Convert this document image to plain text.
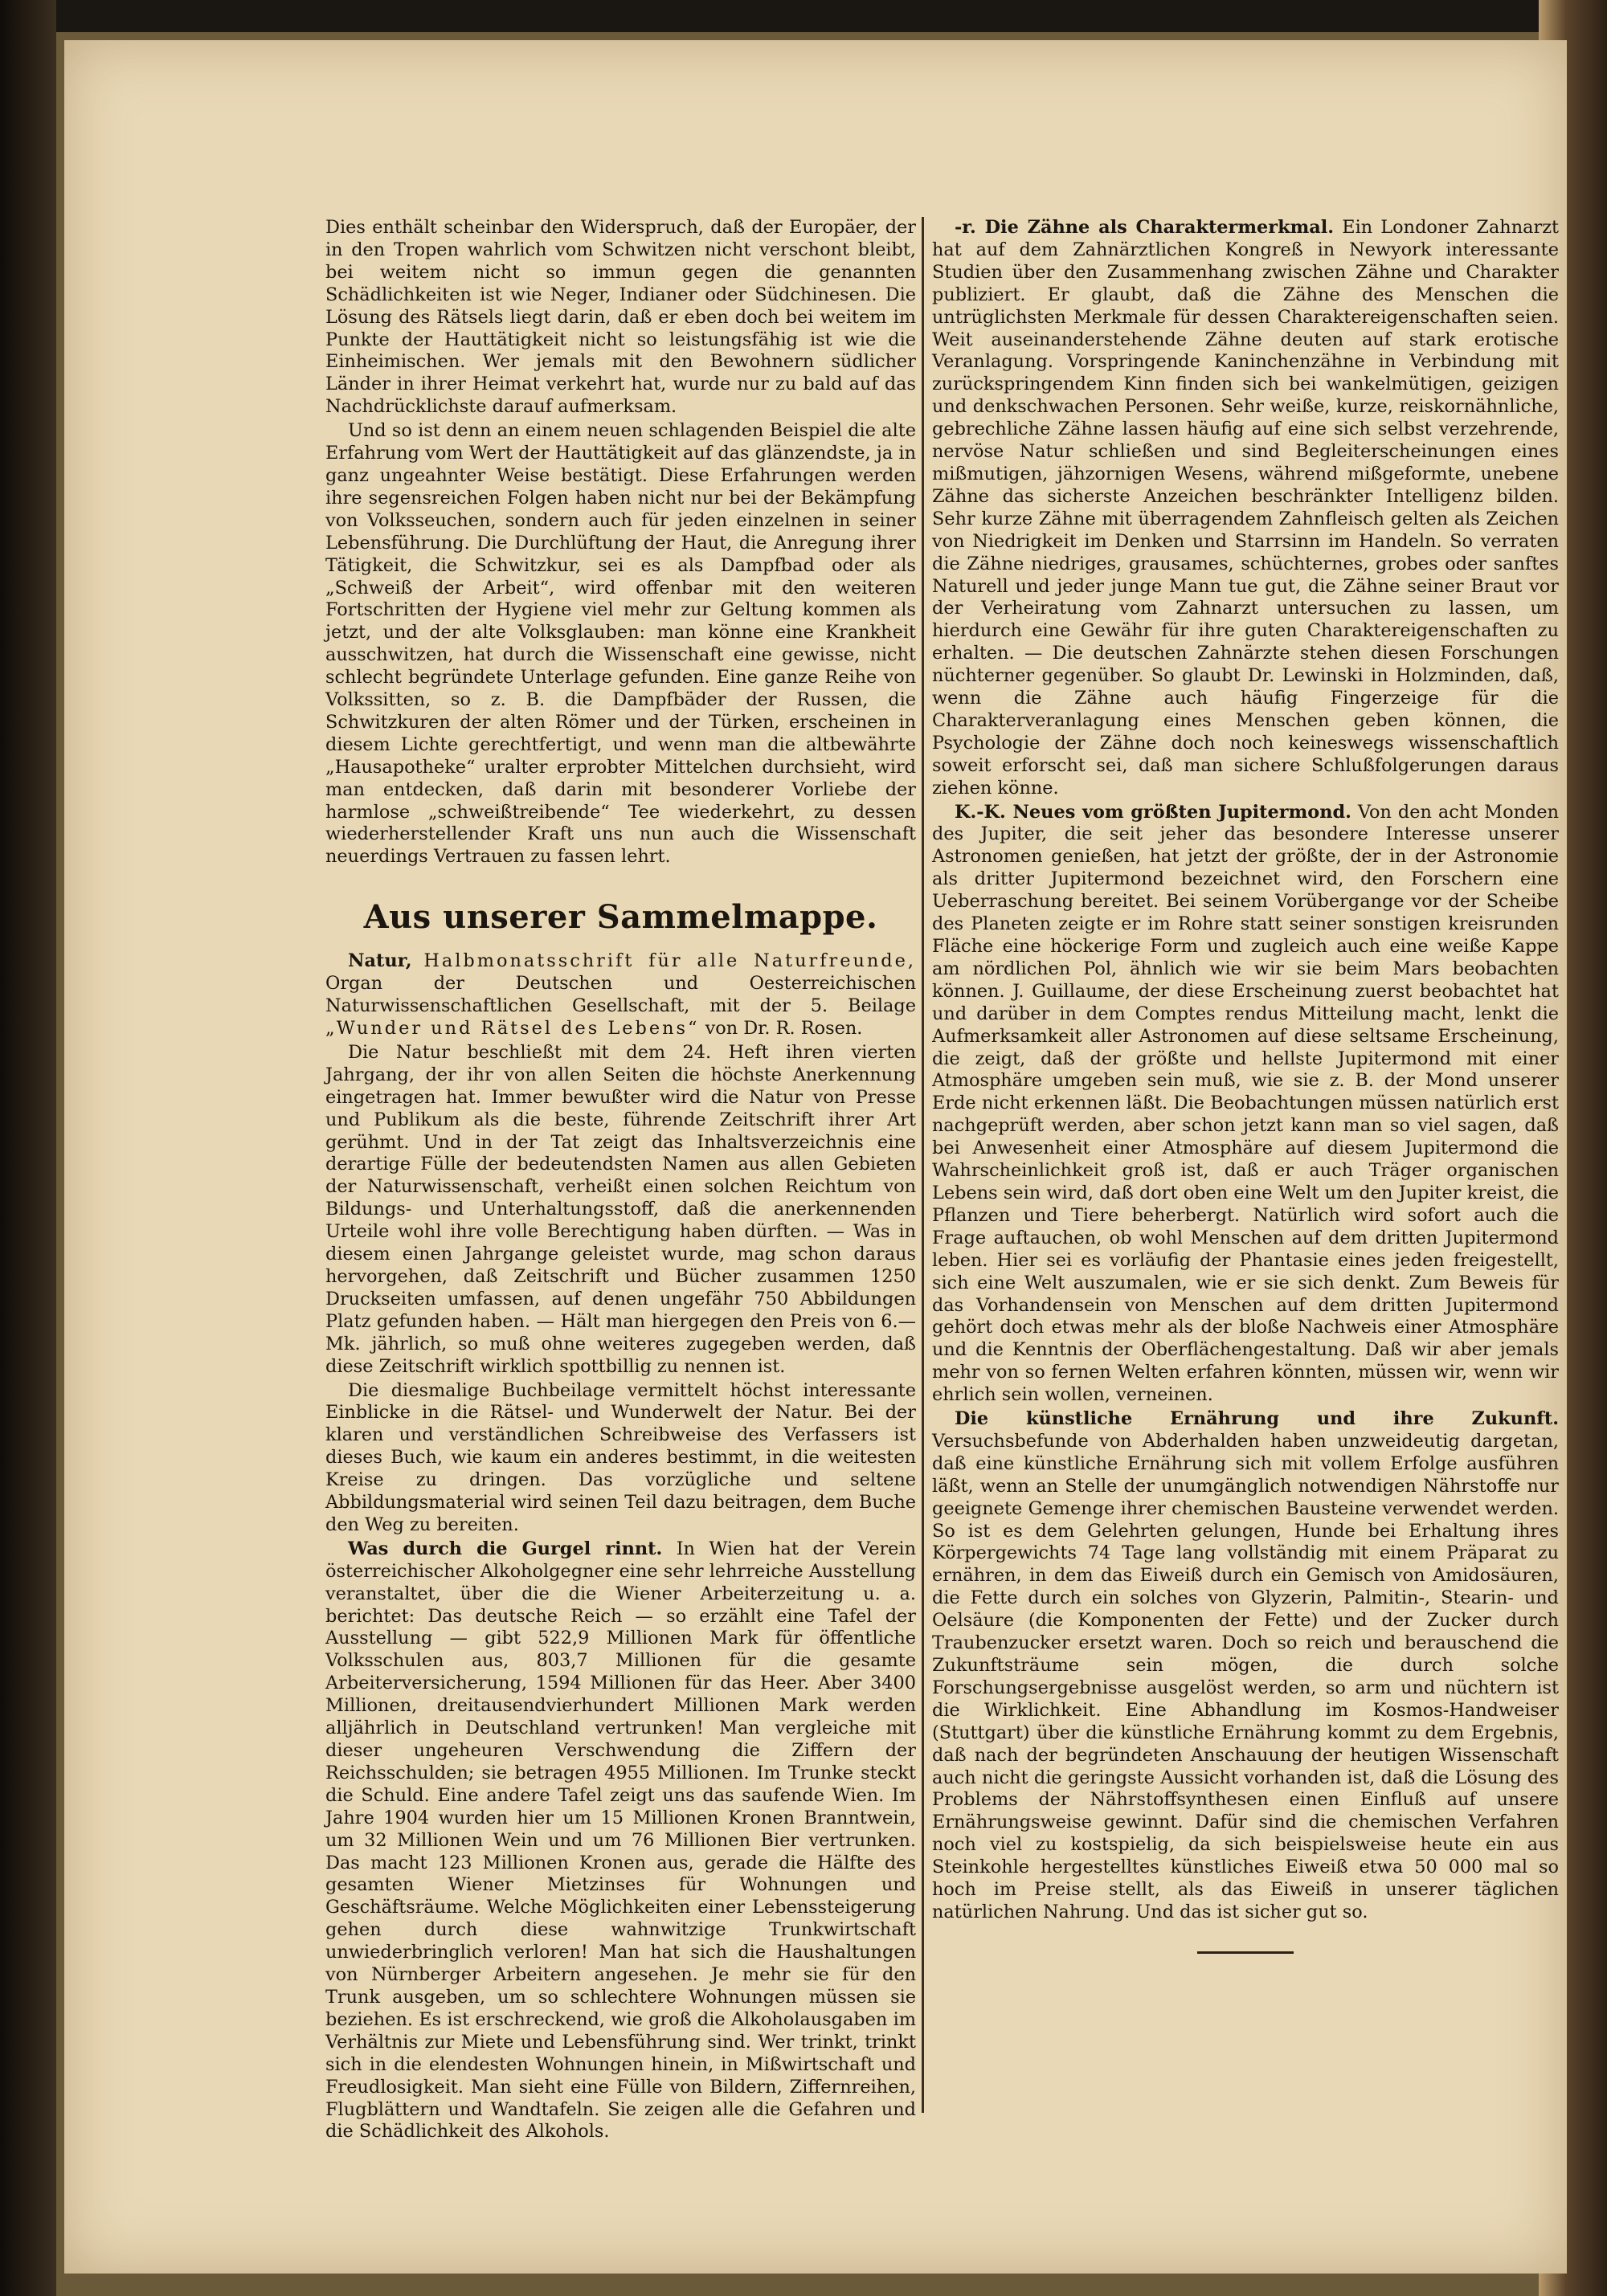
Dies enthält scheinbar den Widerspruch, daß der Europäer, der in den Tropen wahrlich vom Schwitzen nicht verschont bleibt, bei weitem nicht so immun gegen die genannten Schädlichkeiten ist wie Neger, Indianer oder Südchinesen. Die Lösung des Rätsels liegt darin, daß er eben doch bei weitem im Punkte der Hauttätigkeit nicht so leistungsfähig ist wie die Einheimischen. Wer jemals mit den Bewohnern südlicher Länder in ihrer Heimat verkehrt hat, wurde nur zu bald auf das Nachdrücklichste darauf aufmerksam.

Und so ist denn an einem neuen schlagenden Beispiel die alte Erfahrung vom Wert der Hauttätigkeit auf das glänzendste, ja in ganz ungeahnter Weise bestätigt. Diese Erfahrungen werden ihre segensreichen Folgen haben nicht nur bei der Bekämpfung von Volksseuchen, sondern auch für jeden einzelnen in seiner Lebensführung. Die Durchlüftung der Haut, die Anregung ihrer Tätigkeit, die Schwitzkur, sei es als Dampfbad oder als „Schweiß der Arbeit“, wird offenbar mit den weiteren Fortschritten der Hygiene viel mehr zur Geltung kommen als jetzt, und der alte Volksglauben: man könne eine Krankheit ausschwitzen, hat durch die Wissenschaft eine gewisse, nicht schlecht begründete Unterlage gefunden. Eine ganze Reihe von Volkssitten, so z. B. die Dampfbäder der Russen, die Schwitzkuren der alten Römer und der Türken, erscheinen in diesem Lichte gerechtfertigt, und wenn man die altbewährte „Hausapotheke“ uralter erprobter Mittelchen durchsieht, wird man entdecken, daß darin mit besonderer Vorliebe der harmlose „schweißtreibende“ Tee wiederkehrt, zu dessen wiederherstellender Kraft uns nun auch die Wissenschaft neuerdings Vertrauen zu fassen lehrt.

Aus unserer Sammelmappe.

Natur, Halbmonatsschrift für alle Naturfreunde, Organ der Deutschen und Oesterreichischen Naturwissenschaftlichen Gesellschaft, mit der 5. Beilage „Wunder und Rätsel des Lebens“ von Dr. R. Rosen.

Die Natur beschließt mit dem 24. Heft ihren vierten Jahrgang, der ihr von allen Seiten die höchste Anerkennung eingetragen hat. Immer bewußter wird die Natur von Presse und Publikum als die beste, führende Zeitschrift ihrer Art gerühmt. Und in der Tat zeigt das Inhaltsverzeichnis eine derartige Fülle der bedeutendsten Namen aus allen Gebieten der Naturwissenschaft, verheißt einen solchen Reichtum von Bildungs- und Unterhaltungsstoff, daß die anerkennenden Urteile wohl ihre volle Berechtigung haben dürften. — Was in diesem einen Jahrgange geleistet wurde, mag schon daraus hervorgehen, daß Zeitschrift und Bücher zusammen 1250 Druckseiten umfassen, auf denen ungefähr 750 Abbildungen Platz gefunden haben. — Hält man hiergegen den Preis von 6.— Mk. jährlich, so muß ohne weiteres zugegeben werden, daß diese Zeitschrift wirklich spottbillig zu nennen ist.

Die diesmalige Buchbeilage vermittelt höchst interessante Einblicke in die Rätsel- und Wunderwelt der Natur. Bei der klaren und verständlichen Schreibweise des Verfassers ist dieses Buch, wie kaum ein anderes bestimmt, in die weitesten Kreise zu dringen. Das vorzügliche und seltene Abbildungsmaterial wird seinen Teil dazu beitragen, dem Buche den Weg zu bereiten.

Was durch die Gurgel rinnt. In Wien hat der Verein österreichischer Alkoholgegner eine sehr lehrreiche Ausstellung veranstaltet, über die die Wiener Arbeiterzeitung u. a. berichtet: Das deutsche Reich — so erzählt eine Tafel der Ausstellung — gibt 522,9 Millionen Mark für öffentliche Volksschulen aus, 803,7 Millionen für die gesamte Arbeiterversicherung, 1594 Millionen für das Heer. Aber 3400 Millionen, dreitausendvierhundert Millionen Mark werden alljährlich in Deutschland vertrunken! Man vergleiche mit dieser ungeheuren Verschwendung die Ziffern der Reichsschulden; sie betragen 4955 Millionen. Im Trunke steckt die Schuld. Eine andere Tafel zeigt uns das saufende Wien. Im Jahre 1904 wurden hier um 15 Millionen Kronen Branntwein, um 32 Millionen Wein und um 76 Millionen Bier vertrunken. Das macht 123 Millionen Kronen aus, gerade die Hälfte des gesamten Wiener Mietzinses für Wohnungen und Geschäftsräume. Welche Möglichkeiten einer Lebenssteigerung gehen durch diese wahnwitzige Trunkwirtschaft unwiederbringlich verloren! Man hat sich die Haushaltungen von Nürnberger Arbeitern angesehen. Je mehr sie für den Trunk ausgeben, um so schlechtere Wohnungen müssen sie beziehen. Es ist erschreckend, wie groß die Alkoholausgaben im Verhältnis zur Miete und Lebensführung sind. Wer trinkt, trinkt sich in die elendesten Wohnungen hinein, in Mißwirtschaft und Freudlosigkeit. Man sieht eine Fülle von Bildern, Ziffernreihen, Flugblättern und Wandtafeln. Sie zeigen alle die Gefahren und die Schädlichkeit des Alkohols.

-r. Die Zähne als Charaktermerkmal. Ein Londoner Zahnarzt hat auf dem Zahnärztlichen Kongreß in Newyork interessante Studien über den Zusammenhang zwischen Zähne und Charakter publiziert. Er glaubt, daß die Zähne des Menschen die untrüglichsten Merkmale für dessen Charaktereigenschaften seien. Weit auseinanderstehende Zähne deuten auf stark erotische Veranlagung. Vorspringende Kaninchenzähne in Verbindung mit zurückspringendem Kinn finden sich bei wankelmütigen, geizigen und denkschwachen Personen. Sehr weiße, kurze, reiskornähnliche, gebrechliche Zähne lassen häufig auf eine sich selbst verzehrende, nervöse Natur schließen und sind Begleiterscheinungen eines mißmutigen, jähzornigen Wesens, während mißgeformte, unebene Zähne das sicherste Anzeichen beschränkter Intelligenz bilden. Sehr kurze Zähne mit überragendem Zahnfleisch gelten als Zeichen von Niedrigkeit im Denken und Starrsinn im Handeln. So verraten die Zähne niedriges, grausames, schüchternes, grobes oder sanftes Naturell und jeder junge Mann tue gut, die Zähne seiner Braut vor der Verheiratung vom Zahnarzt untersuchen zu lassen, um hierdurch eine Gewähr für ihre guten Charaktereigenschaften zu erhalten. — Die deutschen Zahnärzte stehen diesen Forschungen nüchterner gegenüber. So glaubt Dr. Lewinski in Holzminden, daß, wenn die Zähne auch häufig Fingerzeige für die Charakterveranlagung eines Menschen geben können, die Psychologie der Zähne doch noch keineswegs wissenschaftlich soweit erforscht sei, daß man sichere Schlußfolgerungen daraus ziehen könne.

K.-K. Neues vom größten Jupitermond. Von den acht Monden des Jupiter, die seit jeher das besondere Interesse unserer Astronomen genießen, hat jetzt der größte, der in der Astronomie als dritter Jupitermond bezeichnet wird, den Forschern eine Ueberraschung bereitet. Bei seinem Vorübergange vor der Scheibe des Planeten zeigte er im Rohre statt seiner sonstigen kreisrunden Fläche eine höckerige Form und zugleich auch eine weiße Kappe am nördlichen Pol, ähnlich wie wir sie beim Mars beobachten können. J. Guillaume, der diese Erscheinung zuerst beobachtet hat und darüber in dem Comptes rendus Mitteilung macht, lenkt die Aufmerksamkeit aller Astronomen auf diese seltsame Erscheinung, die zeigt, daß der größte und hellste Jupitermond mit einer Atmosphäre umgeben sein muß, wie sie z. B. der Mond unserer Erde nicht erkennen läßt. Die Beobachtungen müssen natürlich erst nachgeprüft werden, aber schon jetzt kann man so viel sagen, daß bei Anwesenheit einer Atmosphäre auf diesem Jupitermond die Wahrscheinlichkeit groß ist, daß er auch Träger organischen Lebens sein wird, daß dort oben eine Welt um den Jupiter kreist, die Pflanzen und Tiere beherbergt. Natürlich wird sofort auch die Frage auftauchen, ob wohl Menschen auf dem dritten Jupitermond leben. Hier sei es vorläufig der Phantasie eines jeden freigestellt, sich eine Welt auszumalen, wie er sie sich denkt. Zum Beweis für das Vorhandensein von Menschen auf dem dritten Jupitermond gehört doch etwas mehr als der bloße Nachweis einer Atmosphäre und die Kenntnis der Oberflächengestaltung. Daß wir aber jemals mehr von so fernen Welten erfahren könnten, müssen wir, wenn wir ehrlich sein wollen, verneinen.

Die künstliche Ernährung und ihre Zukunft. Versuchsbefunde von Abderhalden haben unzweideutig dargetan, daß eine künstliche Ernährung sich mit vollem Erfolge ausführen läßt, wenn an Stelle der unumgänglich notwendigen Nährstoffe nur geeignete Gemenge ihrer chemischen Bausteine verwendet werden. So ist es dem Gelehrten gelungen, Hunde bei Erhaltung ihres Körpergewichts 74 Tage lang vollständig mit einem Präparat zu ernähren, in dem das Eiweiß durch ein Gemisch von Amidosäuren, die Fette durch ein solches von Glyzerin, Palmitin-, Stearin- und Oelsäure (die Komponenten der Fette) und der Zucker durch Traubenzucker ersetzt waren. Doch so reich und berauschend die Zukunftsträume sein mögen, die durch solche Forschungsergebnisse ausgelöst werden, so arm und nüchtern ist die Wirklichkeit. Eine Abhandlung im Kosmos-Handweiser (Stuttgart) über die künstliche Ernährung kommt zu dem Ergebnis, daß nach der begründeten Anschauung der heutigen Wissenschaft auch nicht die geringste Aussicht vorhanden ist, daß die Lösung des Problems der Nährstoffsynthesen einen Einfluß auf unsere Ernährungsweise gewinnt. Dafür sind die chemischen Verfahren noch viel zu kostspielig, da sich beispielsweise heute ein aus Steinkohle hergestelltes künstliches Eiweiß etwa 50 000 mal so hoch im Preise stellt, als das Eiweiß in unserer täglichen natürlichen Nahrung. Und das ist sicher gut so.
